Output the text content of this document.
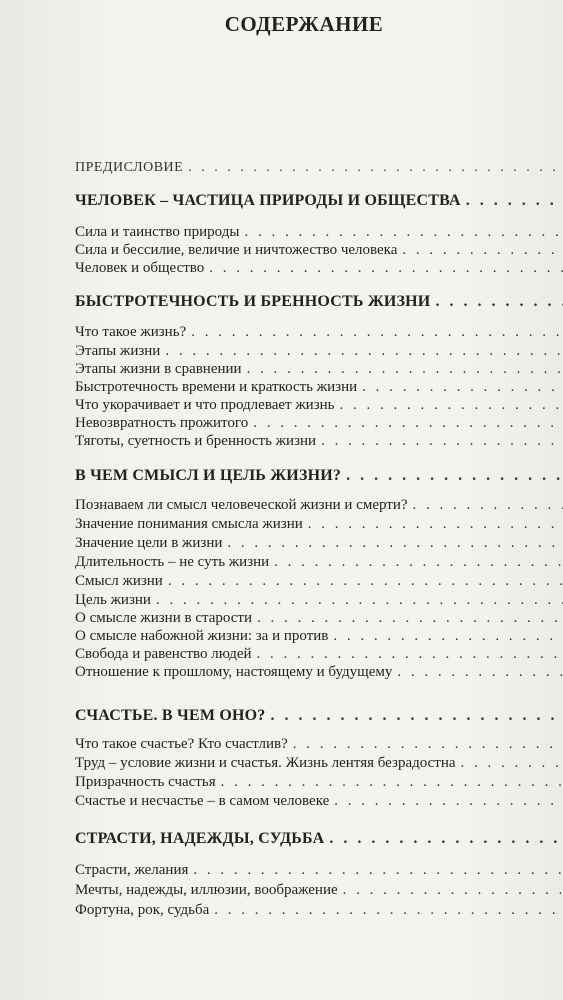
СОДЕРЖАНИЕ
ПРЕДИСЛОВИЕ
. . .
ЧЕЛОВЕК – ЧАСТИЦА ПРИРОДЫ И ОБЩЕСТВА
. . .
Сила и таинство природы
. . .
Сила и бессилие, величие и ничтожество человека
. . .
Человек и общество
. . .
БЫСТРОТЕЧНОСТЬ И БРЕННОСТЬ ЖИЗНИ
. . .
Что такое жизнь?
. . .
Этапы жизни
. . .
Этапы жизни в сравнении
. . .
Быстротечность времени и краткость жизни
. . .
Что укорачивает и что продлевает жизнь
. . .
Невозвратность прожитого
. . .
Тяготы, суетность и бренность жизни
. . .
В ЧЕМ СМЫСЛ И ЦЕЛЬ ЖИЗНИ?
. . .
Познаваем ли смысл человеческой жизни и смерти?
. . .
Значение понимания смысла жизни
. . .
Значение цели в жизни
. . .
Длительность – не суть жизни
. . .
Смысл жизни
. . .
Цель жизни
. . .
О смысле жизни в старости
. . .
О смысле набожной жизни: за и против
. . .
Свобода и равенство людей
. . .
Отношение к прошлому, настоящему и будущему
. . .
СЧАСТЬЕ. В ЧЕМ ОНО?
. . .
Что такое счастье? Кто счастлив?
. . .
Труд – условие жизни и счастья. Жизнь лентяя безрадостна
. . .
Призрачность счастья
. . .
Счастье и несчастье – в самом человеке
. . .
СТРАСТИ, НАДЕЖДЫ, СУДЬБА
. . .
Страсти, желания
. . .
Мечты, надежды, иллюзии, воображение
. . .
Фортуна, рок, судьба
. . .
